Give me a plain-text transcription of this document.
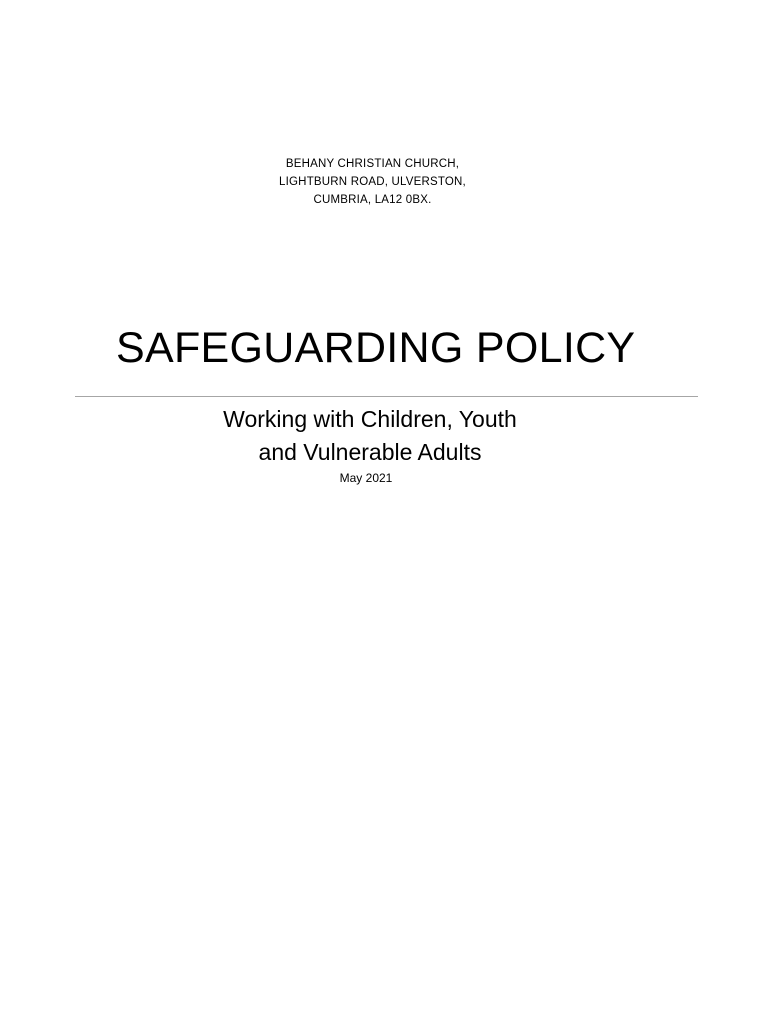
BEHANY CHRISTIAN CHURCH,
LIGHTBURN ROAD, ULVERSTON,
CUMBRIA, LA12 0BX.
SAFEGUARDING POLICY
Working with Children, Youth
and Vulnerable Adults
May 2021
